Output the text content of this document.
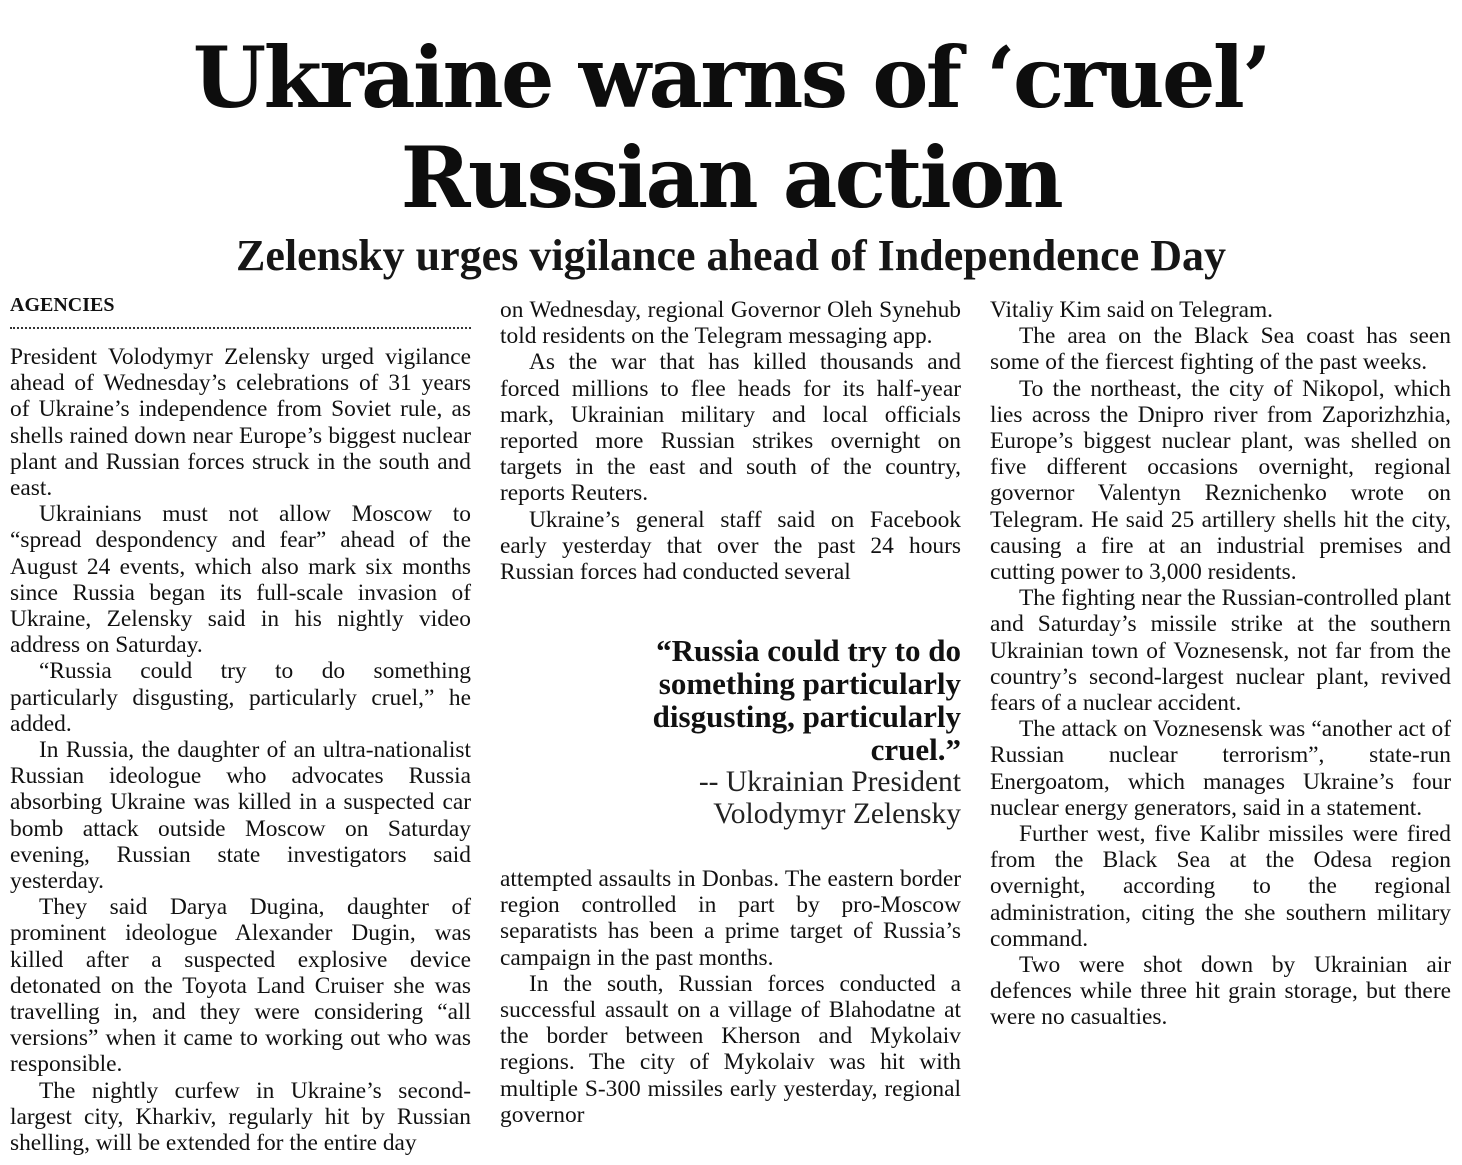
Ukraine warns of ‘cruel’
Russian action
Zelensky urges vigilance ahead of Independence Day
AGENCIES

President Volodymyr Zelensky urged vigilance ahead of Wednesday’s celebrations of 31 years of Ukraine’s independence from Soviet rule, as shells rained down near Europe’s biggest nuclear plant and Russian forces struck in the south and east.

Ukrainians must not allow Moscow to “spread despondency and fear” ahead of the August 24 events, which also mark six months since Russia began its full-scale invasion of Ukraine, Zelensky said in his nightly video address on Saturday.

“Russia could try to do something particularly disgusting, particularly cruel,” he added.

In Russia, the daughter of an ultra-nationalist Russian ideologue who advocates Russia absorbing Ukraine was killed in a suspected car bomb attack outside Moscow on Saturday evening, Russian state investigators said yesterday.

They said Darya Dugina, daughter of prominent ideologue Alexander Dugin, was killed after a suspected explosive device detonated on the Toyota Land Cruiser she was travelling in, and they were considering “all versions” when it came to working out who was responsible.

The nightly curfew in Ukraine’s second-largest city, Kharkiv, regularly hit by Russian shelling, will be extended for the entire day

on Wednesday, regional Governor Oleh Synehub told residents on the Telegram messaging app.

As the war that has killed thousands and forced millions to flee heads for its half-year mark, Ukrainian military and local officials reported more Russian strikes overnight on targets in the east and south of the country, reports Reuters.

Ukraine’s general staff said on Facebook early yesterday that over the past 24 hours Russian forces had conducted several

“Russia could try to do something particularly disgusting, particularly cruel.”
-- Ukrainian President
Volodymyr Zelensky

attempted assaults in Donbas. The eastern border region controlled in part by pro-Moscow separatists has been a prime target of Russia’s campaign in the past months.

In the south, Russian forces conducted a successful assault on a village of Blahodatne at the border between Kherson and Mykolaiv regions. The city of Mykolaiv was hit with multiple S-300 missiles early yesterday, regional governor

Vitaliy Kim said on Telegram.

The area on the Black Sea coast has seen some of the fiercest fighting of the past weeks.

To the northeast, the city of Nikopol, which lies across the Dnipro river from Zaporizhzhia, Europe’s biggest nuclear plant, was shelled on five different occasions overnight, regional governor Valentyn Reznichenko wrote on Telegram. He said 25 artillery shells hit the city, causing a fire at an industrial premises and cutting power to 3,000 residents.

The fighting near the Russian-controlled plant and Saturday’s missile strike at the southern Ukrainian town of Voznesensk, not far from the country’s second-largest nuclear plant, revived fears of a nuclear accident.

The attack on Voznesensk was “another act of Russian nuclear terrorism”, state-run Energoatom, which manages Ukraine’s four nuclear energy generators, said in a statement.

Further west, five Kalibr missiles were fired from the Black Sea at the Odesa region overnight, according to the regional administration, citing the she southern military command.

Two were shot down by Ukrainian air defences while three hit grain storage, but there were no casualties.
